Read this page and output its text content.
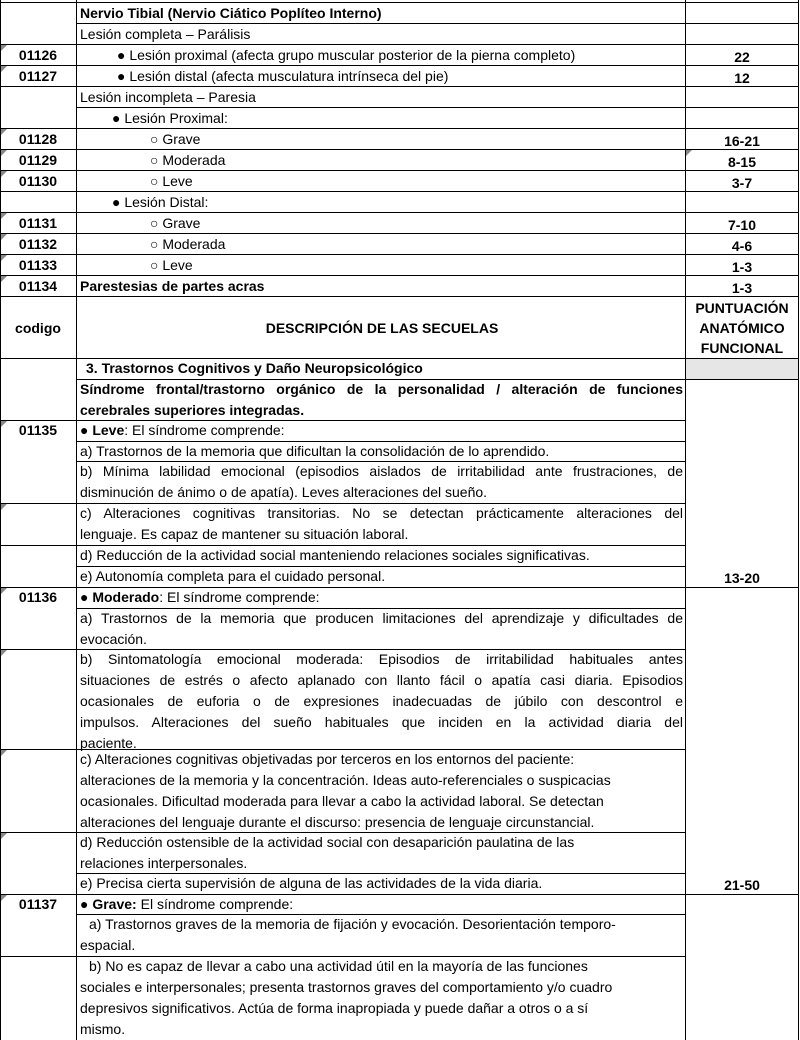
Nervio Tibial (Nervio Ciático Poplíteo Interno)
Lesión completa – Parálisis
01126	● Lesión proximal (afecta grupo muscular posterior de la pierna completo)	22
01127	● Lesión distal (afecta musculatura intrínseca del pie)	12
Lesión incompleta – Paresia
● Lesión Proximal:
01128	○ Grave	16-21
01129	○ Moderada	8-15
01130	○ Leve	3-7
● Lesión Distal:
01131	○ Grave	7-10
01132	○ Moderada	4-6
01133	○ Leve	1-3
01134	Parestesias de partes acras	1-3
codigo	DESCRIPCIÓN DE LAS SECUELAS
PUNTUACIÓN
ANATÓMICO
FUNCIONAL
3. Trastornos Cognitivos y Daño Neuropsicológico
Síndrome frontal/trastorno orgánico de la personalidad / alteración de funciones
cerebrales superiores integradas.
01135	● Leve: El síndrome comprende:
a) Trastornos de la memoria que dificultan la consolidación de lo aprendido.
b) Mínima labilidad emocional (episodios aislados de irritabilidad ante frustraciones, de
disminución de ánimo o de apatía). Leves alteraciones del sueño.
c) Alteraciones cognitivas transitorias. No se detectan prácticamente alteraciones del
lenguaje. Es capaz de mantener su situación laboral.
d) Reducción de la actividad social manteniendo relaciones sociales significativas.
e) Autonomía completa para el cuidado personal.	13-20
01136	● Moderado: El síndrome comprende:
a) Trastornos de la memoria que producen limitaciones del aprendizaje y dificultades de
evocación.
b) Sintomatología emocional moderada: Episodios de irritabilidad habituales antes
situaciones de estrés o afecto aplanado con llanto fácil o apatía casi diaria. Episodios
ocasionales de euforia o de expresiones inadecuadas de júbilo con descontrol e
impulsos. Alteraciones del sueño habituales que inciden en la actividad diaria del
paciente.
c) Alteraciones cognitivas objetivadas por terceros en los entornos del paciente:
alteraciones de la memoria y la concentración. Ideas auto-referenciales o suspicacias
ocasionales. Dificultad moderada para llevar a cabo la actividad laboral. Se detectan
alteraciones del lenguaje durante el discurso: presencia de lenguaje circunstancial.
d) Reducción ostensible de la actividad social con desaparición paulatina de las
relaciones interpersonales.
e) Precisa cierta supervisión de alguna de las actividades de la vida diaria.	21-50
01137	● Grave: El síndrome comprende:
a) Trastornos graves de la memoria de fijación y evocación. Desorientación temporo-
espacial.
b) No es capaz de llevar a cabo una actividad útil en la mayoría de las funciones
sociales e interpersonales; presenta trastornos graves del comportamiento y/o cuadro
depresivos significativos. Actúa de forma inapropiada y puede dañar a otros o a sí
mismo.
